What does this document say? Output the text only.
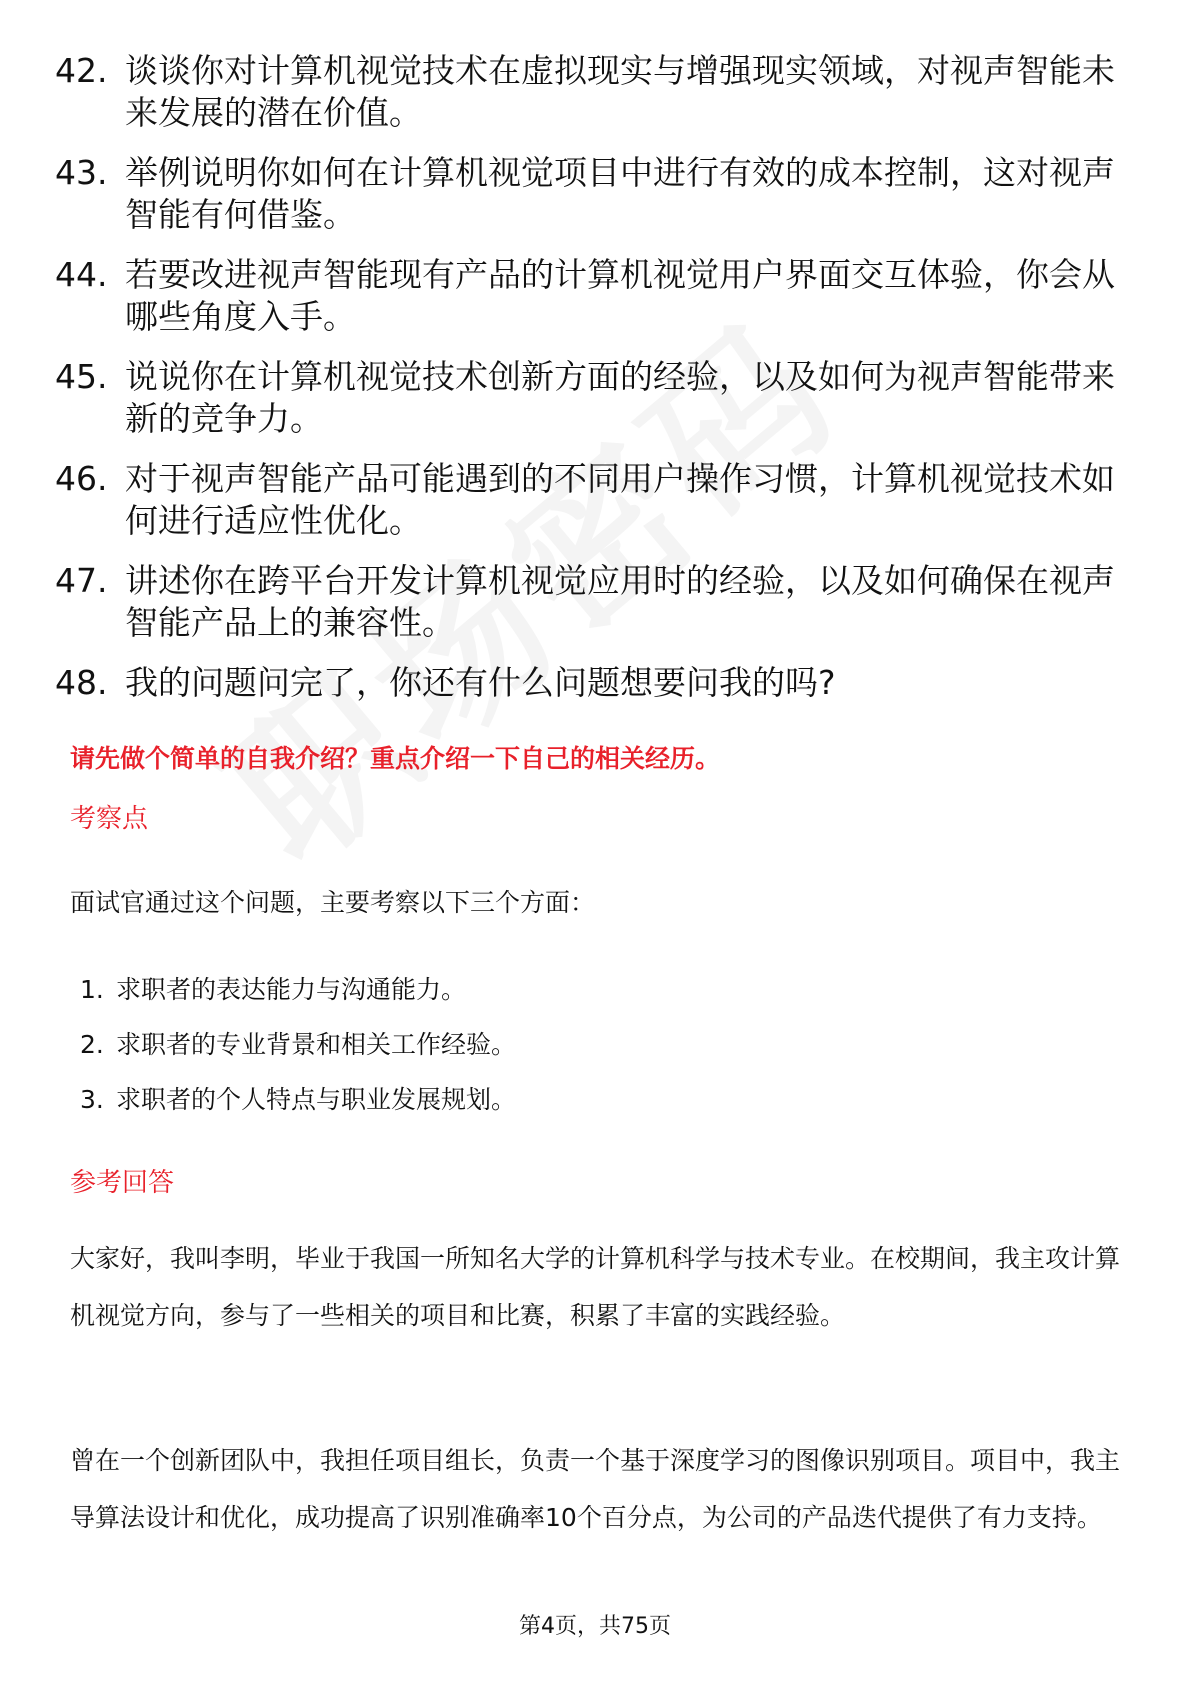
42. 谈谈你对计算机视觉技术在虚拟现实与增强现实领域，对视声智能未来发展的潜在价值。
43. 举例说明你如何在计算机视觉项目中进行有效的成本控制，这对视声智能有何借鉴。
44. 若要改进视声智能现有产品的计算机视觉用户界面交互体验，你会从哪些角度入手。
45. 说说你在计算机视觉技术创新方面的经验，以及如何为视声智能带来新的竞争力。
46. 对于视声智能产品可能遇到的不同用户操作习惯，计算机视觉技术如何进行适应性优化。
47. 讲述你在跨平台开发计算机视觉应用时的经验，以及如何确保在视声智能产品上的兼容性。
48. 我的问题问完了，你还有什么问题想要问我的吗?
请先做个简单的自我介绍？重点介绍一下自己的相关经历。
考察点
面试官通过这个问题，主要考察以下三个方面：
1. 求职者的表达能力与沟通能力。
2. 求职者的专业背景和相关工作经验。
3. 求职者的个人特点与职业发展规划。
参考回答
大家好，我叫李明，毕业于我国一所知名大学的计算机科学与技术专业。在校期间，我主攻计算机视觉方向，参与了一些相关的项目和比赛，积累了丰富的实践经验。
曾在一个创新团队中，我担任项目组长，负责一个基于深度学习的图像识别项目。项目中，我主导算法设计和优化，成功提高了识别准确率10个百分点，为公司的产品迭代提供了有力支持。
第4页，共75页
